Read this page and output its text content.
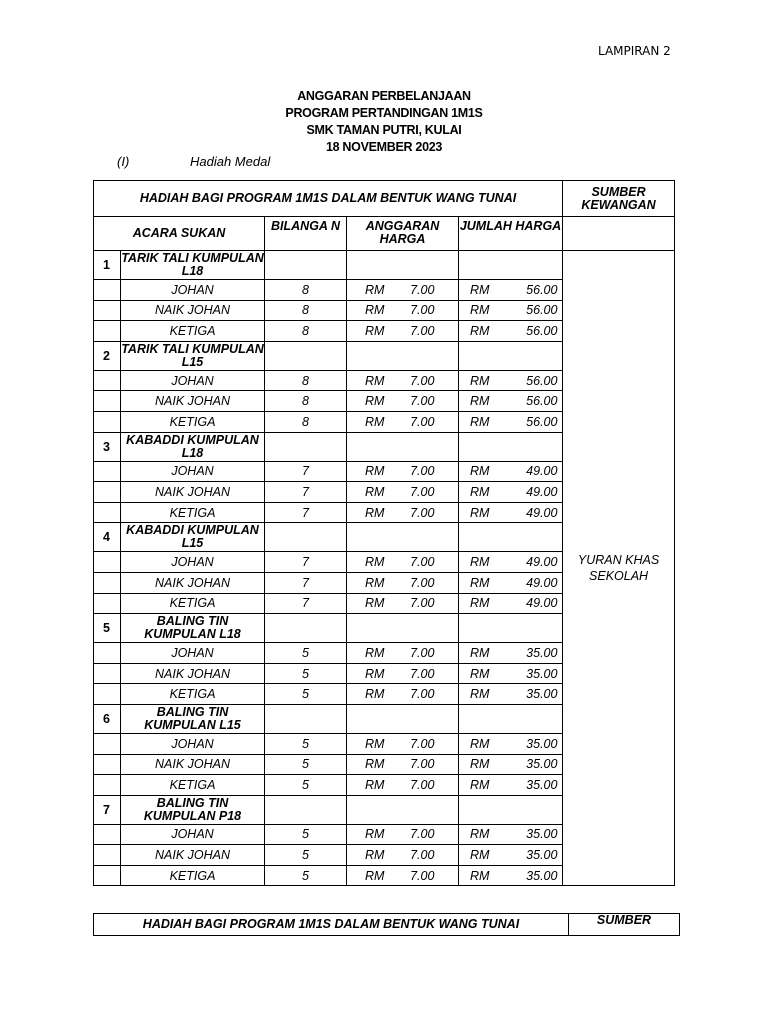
LAMPIRAN 2
ANGGARAN PERBELANJAAN
PROGRAM PERTANDINGAN 1M1S
SMK TAMAN PUTRI, KULAI
18 NOVEMBER 2023
(I)	Hadiah Medal
HADIAH BAGI PROGRAM 1M1S DALAM BENTUK WANG TUNAI					SUMBER KEWANGAN
ACARA SUKAN		BILANGA N	ANGGARAN HARGA	JUMLAH HARGA	
1	TARIK TALI KUMPULAN L18				YURAN KHAS SEKOLAH
	JOHAN	8	RM 7.00	RM 56.00	
	NAIK JOHAN	8	RM 7.00	RM 56.00	
	KETIGA	8	RM 7.00	RM 56.00	
2	TARIK TALI KUMPULAN L15				
	JOHAN	8	RM 7.00	RM 56.00	
	NAIK JOHAN	8	RM 7.00	RM 56.00	
	KETIGA	8	RM 7.00	RM 56.00	
3	KABADDI KUMPULAN L18				
	JOHAN	7	RM 7.00	RM 49.00	
	NAIK JOHAN	7	RM 7.00	RM 49.00	
	KETIGA	7	RM 7.00	RM 49.00	
4	KABADDI KUMPULAN L15				
	JOHAN	7	RM 7.00	RM 49.00	
	NAIK JOHAN	7	RM 7.00	RM 49.00	
	KETIGA	7	RM 7.00	RM 49.00	
5	BALING TIN KUMPULAN L18				
	JOHAN	5	RM 7.00	RM 35.00	
	NAIK JOHAN	5	RM 7.00	RM 35.00	
	KETIGA	5	RM 7.00	RM 35.00	
6	BALING TIN KUMPULAN L15				
	JOHAN	5	RM 7.00	RM 35.00	
	NAIK JOHAN	5	RM 7.00	RM 35.00	
	KETIGA	5	RM 7.00	RM 35.00	
7	BALING TIN KUMPULAN P18				
	JOHAN	5	RM 7.00	RM 35.00	
	NAIK JOHAN	5	RM 7.00	RM 35.00	
	KETIGA	5	RM 7.00	RM 35.00	
HADIAH BAGI PROGRAM 1M1S DALAM BENTUK WANG TUNAI	SUMBER
